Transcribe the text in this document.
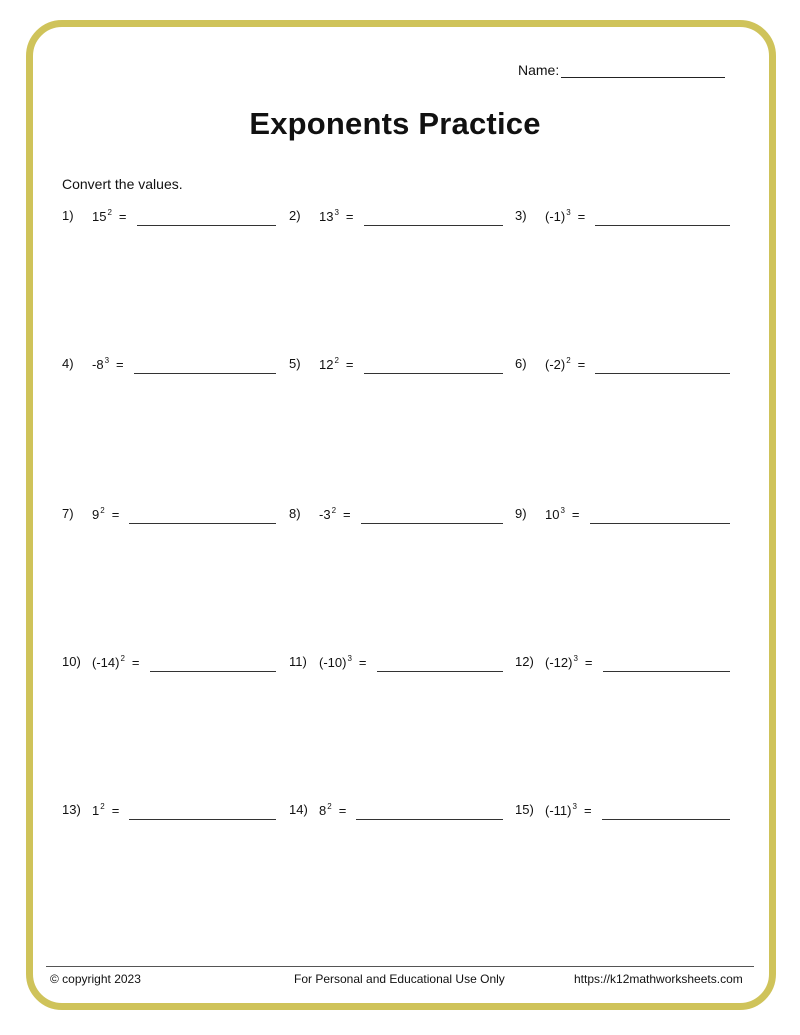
Name:
Exponents Practice
Convert the values.
1) $15^2$ =	2) $13^3$ =	3) $(-1)^3$ =
4) $-8^3$ =	5) $12^2$ =	6) $(-2)^2$ =
7) $9^2$ =	8) $-3^2$ =	9) $10^3$ =
10) $(-14)^2$ =	11) $(-10)^3$ =	12) $(-12)^3$ =
13) $1^2$ =	14) $8^2$ =	15) $(-11)^3$ =
© copyright 2023	For Personal and Educational Use Only	https://k12mathworksheets.com
